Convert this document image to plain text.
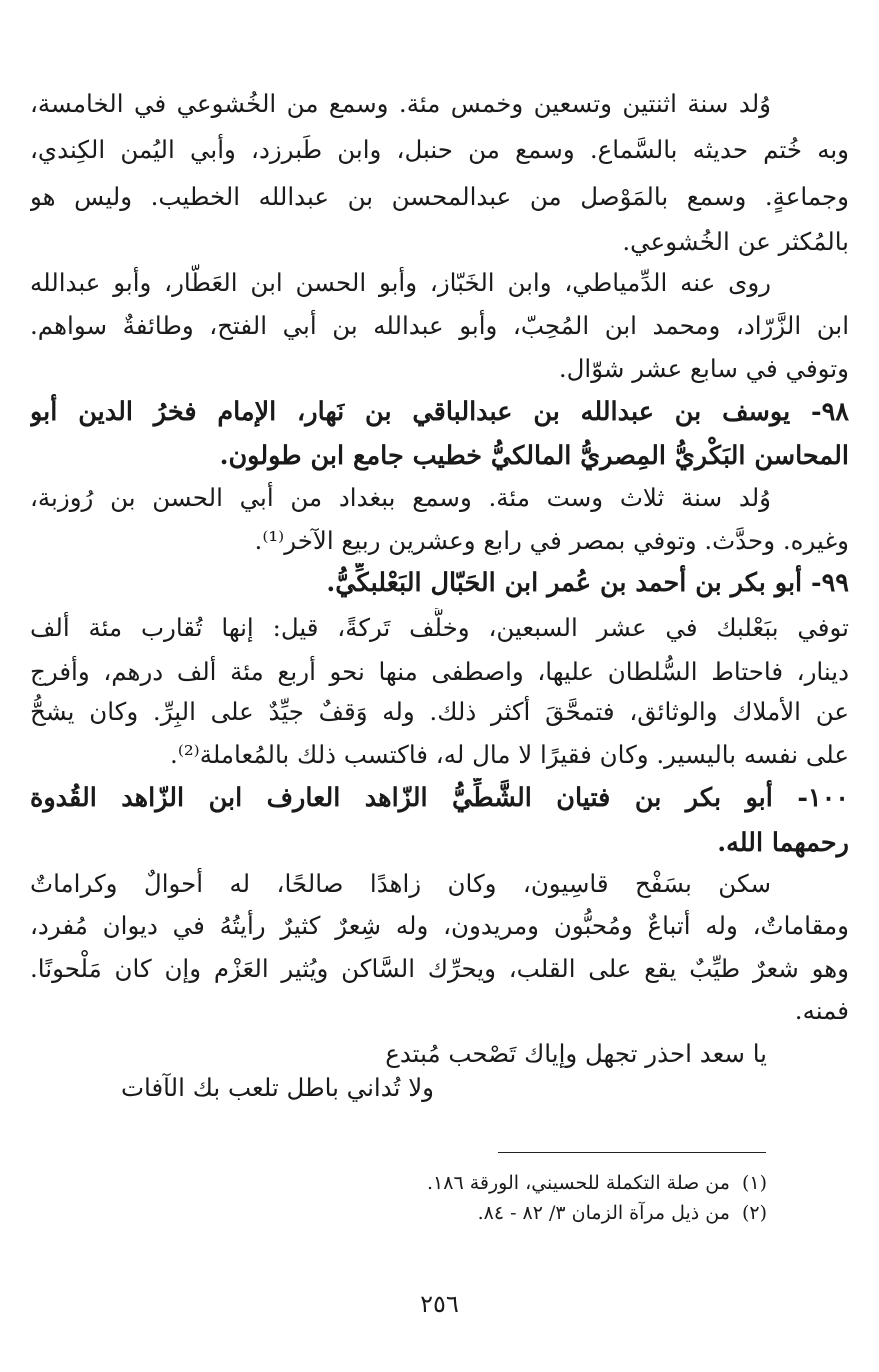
وُلد سنة اثنتين وتسعين وخمس مئة. وسمع من الخُشوعي في الخامسة،
وبه خُتم حديثه بالسَّماع. وسمع من حنبل، وابن طَبرزد، وأبي اليُمن الكِندي،
وجماعةٍ. وسمع بالمَوْصل من عبدالمحسن بن عبدالله الخطيب. وليس هو
بالمُكثر عن الخُشوعي.
روى عنه الدِّمياطي، وابن الخَبّاز، وأبو الحسن ابن العَطّار، وأبو عبدالله
ابن الزَّرّاد، ومحمد ابن المُحِبّ، وأبو عبدالله بن أبي الفتح، وطائفةٌ سواهم.
وتوفي في سابع عشر شوّال.
٩٨- يوسف بن عبدالله بن عبدالباقي بن نَهار، الإمام فخرُ الدين أبو
المحاسن البَكْريُّ المِصريُّ المالكيُّ خطيب جامع ابن طولون.
وُلد سنة ثلاث وست مئة. وسمع ببغداد من أبي الحسن بن رُوزبة،
وغيره. وحدَّث. وتوفي بمصر في رابع وعشرين ربيع الآخر⁽¹⁾.
٩٩- أبو بكر بن أحمد بن عُمر ابن الحَبّال البَعْلبكِّيُّ.
توفي ببَعْلبك في عشر السبعين، وخلَّف تَركةً، قيل: إنها تُقارب مئة ألف
دينار، فاحتاط السُّلطان عليها، واصطفى منها نحو أربع مئة ألف درهم، وأفرج
عن الأملاك والوثائق، فتمحَّقَ أكثر ذلك. وله وَقفٌ جيِّدٌ على البِرِّ. وكان يشحُّ
على نفسه باليسير. وكان فقيرًا لا مال له، فاكتسب ذلك بالمُعاملة⁽²⁾.
١٠٠- أبو بكر بن فتيان الشَّطِّيُّ الزّاهد العارف ابن الزّاهد القُدوة
رحمهما الله.
سكن بسَفْح قاسِيون، وكان زاهدًا صالحًا، له أحوالٌ وكراماتٌ
ومقاماتٌ، وله أتباعٌ ومُحبُّون ومريدون، وله شِعرٌ كثيرٌ رأيتُهُ في ديوان مُفرد،
وهو شعرٌ طيِّبٌ يقع على القلب، ويحرِّك السَّاكن ويُثير العَزْم وإن كان مَلْحونًا.
فمنه.
يا سعد احذر تجهل وإياك تَصْحب مُبتدع
ولا تُداني باطل تلعب بك الآفات
(١)من صلة التكملة للحسيني، الورقة ١٨٦.
(٢)من ذيل مرآة الزمان ٣/ ٨٢ - ٨٤.
٢٥٦
